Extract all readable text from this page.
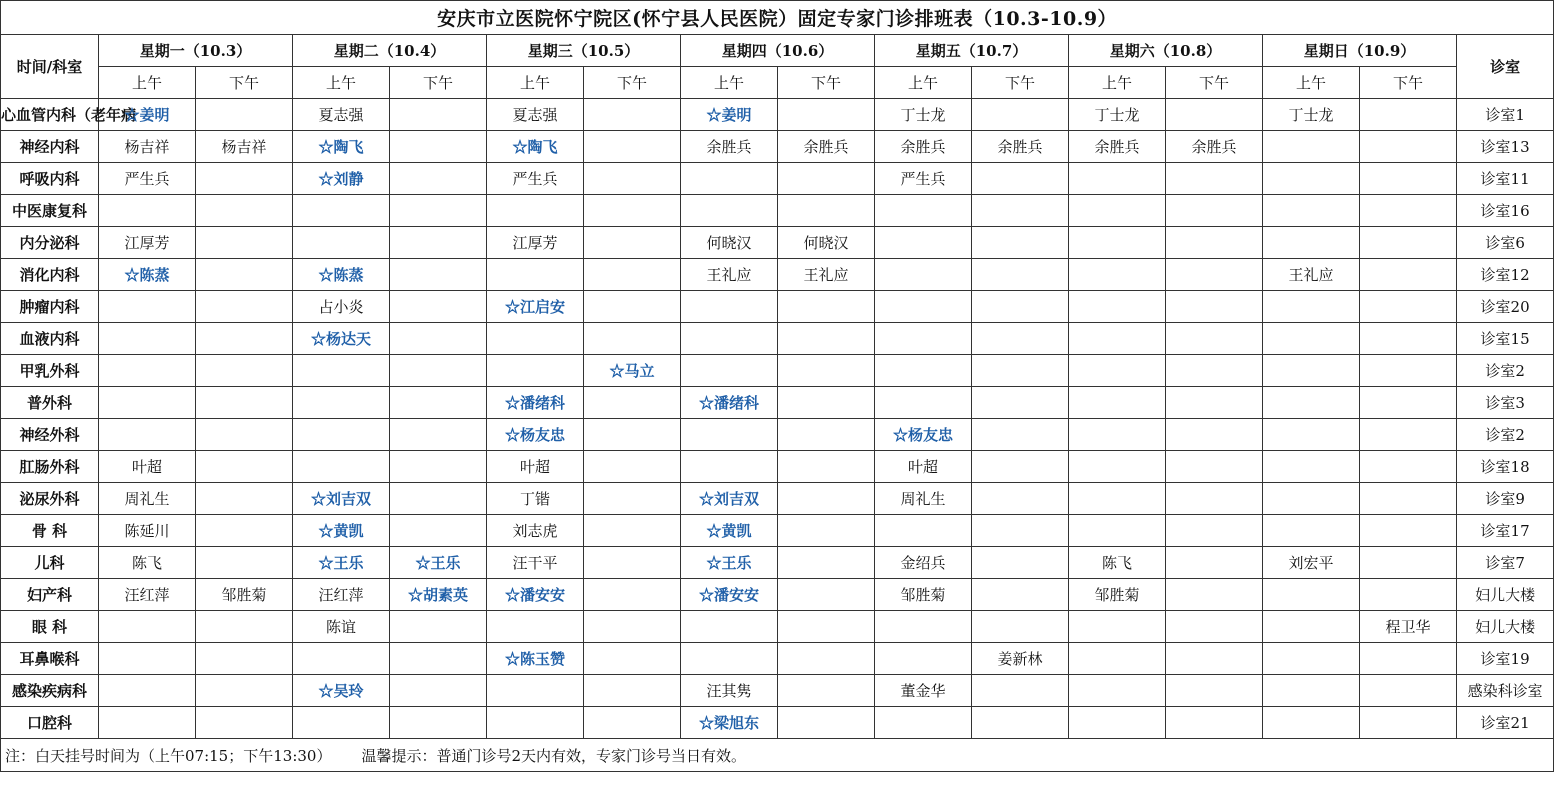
安庆市立医院怀宁院区(怀宁县人民医院）固定专家门诊排班表（10.3-10.9）															
时间/科室	星期一（10.3）		星期二（10.4）		星期三（10.5）		星期四（10.6）		星期五（10.7）		星期六（10.8）		星期日（10.9）		诊室
	上午	下午	上午	下午	上午	下午	上午	下午	上午	下午	上午	下午	上午	下午	
心血管内科（老年病	☆姜明		夏志强		夏志强		☆姜明		丁士龙		丁士龙		丁士龙		诊室1
神经内科	杨吉祥	杨吉祥	☆陶飞		☆陶飞		余胜兵	余胜兵	余胜兵	余胜兵	余胜兵	余胜兵			诊室13
呼吸内科	严生兵		☆刘静		严生兵				严生兵						诊室11
中医康复科															诊室16
内分泌科	江厚芳				江厚芳		何晓汉	何晓汉							诊室6
消化内科	☆陈蒸		☆陈蒸				王礼应	王礼应					王礼应		诊室12
肿瘤内科			占小炎		☆江启安										诊室20
血液内科			☆杨达天												诊室15
甲乳外科						☆马立									诊室2
普外科					☆潘绪科		☆潘绪科								诊室3
神经外科					☆杨友忠				☆杨友忠						诊室2
肛肠外科	叶超				叶超				叶超						诊室18
泌尿外科	周礼生		☆刘吉双		丁锴		☆刘吉双		周礼生						诊室9
骨 科	陈延川		☆黄凯		刘志虎		☆黄凯								诊室17
儿科	陈飞		☆王乐	☆王乐	汪干平		☆王乐		金绍兵		陈飞		刘宏平		诊室7
妇产科	汪红萍	邹胜菊	汪红萍	☆胡素英	☆潘安安		☆潘安安		邹胜菊		邹胜菊				妇儿大楼
眼 科			陈谊											程卫华	妇儿大楼
耳鼻喉科					☆陈玉赞					姜新林					诊室19
感染疾病科			☆吴玲				汪其隽		董金华						感染科诊室
口腔科							☆梁旭东								诊室21
注：白天挂号时间为（上午07:15；下午13:30） 温馨提示：普通门诊号2天内有效，专家门诊号当日有效。															
